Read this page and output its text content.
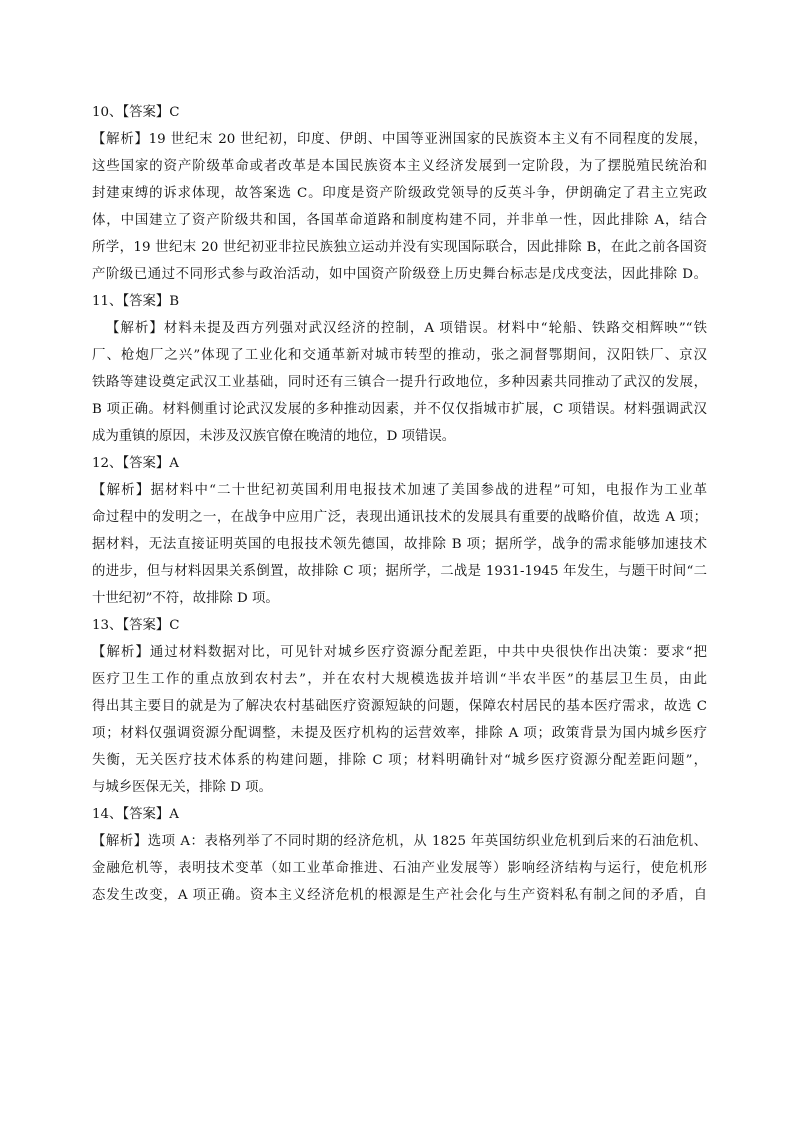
10、【答案】C
【解析】19 世纪末 20 世纪初，印度、伊朗、中国等亚洲国家的民族资本主义有不同程度的发展，
这些国家的资产阶级革命或者改革是本国民族资本主义经济发展到一定阶段，为了摆脱殖民统治和
封建束缚的诉求体现，故答案选 C。印度是资产阶级政党领导的反英斗争，伊朗确定了君主立宪政
体，中国建立了资产阶级共和国，各国革命道路和制度构建不同，并非单一性，因此排除 A，结合
所学，19 世纪末 20 世纪初亚非拉民族独立运动并没有实现国际联合，因此排除 B，在此之前各国资
产阶级已通过不同形式参与政治活动，如中国资产阶级登上历史舞台标志是戊戌变法，因此排除 D。
11、【答案】B
【解析】材料未提及西方列强对武汉经济的控制，A 项错误。材料中“轮船、铁路交相辉映”“铁
厂、枪炮厂之兴”体现了工业化和交通革新对城市转型的推动，张之洞督鄂期间，汉阳铁厂、京汉
铁路等建设奠定武汉工业基础，同时还有三镇合一提升行政地位，多种因素共同推动了武汉的发展，
B 项正确。材料侧重讨论武汉发展的多种推动因素，并不仅仅指城市扩展，C 项错误。材料强调武汉
成为重镇的原因，未涉及汉族官僚在晚清的地位，D 项错误。
12、【答案】A
【解析】据材料中“二十世纪初英国利用电报技术加速了美国参战的进程”可知，电报作为工业革
命过程中的发明之一，在战争中应用广泛，表现出通讯技术的发展具有重要的战略价值，故选 A 项；
据材料，无法直接证明英国的电报技术领先德国，故排除 B 项；据所学，战争的需求能够加速技术
的进步，但与材料因果关系倒置，故排除 C 项；据所学，二战是 1931-1945 年发生，与题干时间“二
十世纪初”不符，故排除 D 项。
13、【答案】C
【解析】通过材料数据对比，可见针对城乡医疗资源分配差距，中共中央很快作出决策：要求“把
医疗卫生工作的重点放到农村去”，并在农村大规模选拔并培训“半农半医”的基层卫生员，由此
得出其主要目的就是为了解决农村基础医疗资源短缺的问题，保障农村居民的基本医疗需求，故选 C
项；材料仅强调资源分配调整，未提及医疗机构的运营效率，排除 A 项；政策背景为国内城乡医疗
失衡，无关医疗技术体系的构建问题，排除 C 项；材料明确针对“城乡医疗资源分配差距问题”，
与城乡医保无关，排除 D 项。
14、【答案】A
【解析】选项 A：表格列举了不同时期的经济危机，从 1825 年英国纺织业危机到后来的石油危机、
金融危机等，表明技术变革（如工业革命推进、石油产业发展等）影响经济结构与运行，使危机形
态发生改变，A 项正确。资本主义经济危机的根源是生产社会化与生产资料私有制之间的矛盾，自
